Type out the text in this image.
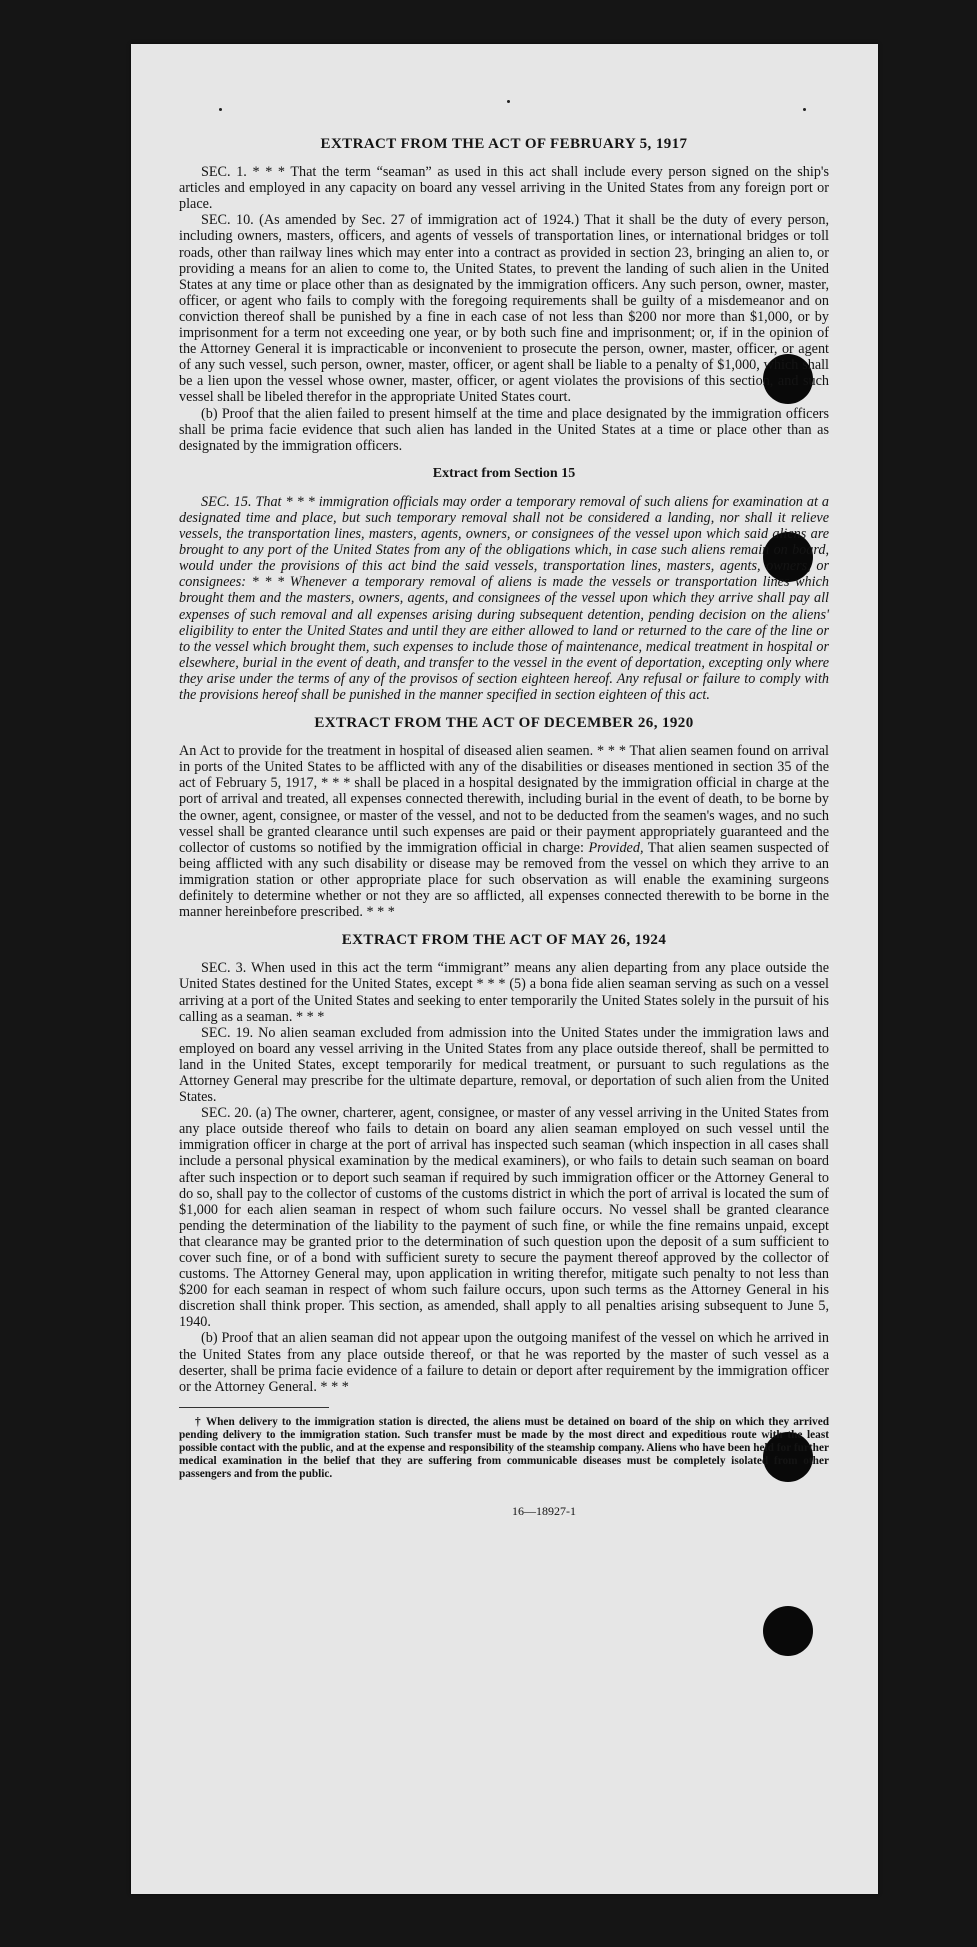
EXTRACT FROM THE ACT OF FEBRUARY 5, 1917

SEC. 1. * * * That the term “seaman” as used in this act shall include every person signed on the ship's articles and employed in any capacity on board any vessel arriving in the United States from any foreign port or place.

SEC. 10. (As amended by Sec. 27 of immigration act of 1924.) That it shall be the duty of every person, including owners, masters, officers, and agents of vessels of transportation lines, or international bridges or toll roads, other than railway lines which may enter into a contract as provided in section 23, bringing an alien to, or providing a means for an alien to come to, the United States, to prevent the landing of such alien in the United States at any time or place other than as designated by the immigration officers. Any such person, owner, master, officer, or agent who fails to comply with the foregoing requirements shall be guilty of a misdemeanor and on conviction thereof shall be punished by a fine in each case of not less than $200 nor more than $1,000, or by imprisonment for a term not exceeding one year, or by both such fine and imprisonment; or, if in the opinion of the Attorney General it is impracticable or inconvenient to prosecute the person, owner, master, officer, or agent of any such vessel, such person, owner, master, officer, or agent shall be liable to a penalty of $1,000, which shall be a lien upon the vessel whose owner, master, officer, or agent violates the provisions of this section, and such vessel shall be libeled therefor in the appropriate United States court.

(b) Proof that the alien failed to present himself at the time and place designated by the immigration officers shall be prima facie evidence that such alien has landed in the United States at a time or place other than as designated by the immigration officers.

Extract from Section 15

SEC. 15. That * * * immigration officials may order a temporary removal of such aliens for examination at a designated time and place, but such temporary removal shall not be considered a landing, nor shall it relieve vessels, the transportation lines, masters, agents, owners, or consignees of the vessel upon which said aliens are brought to any port of the United States from any of the obligations which, in case such aliens remain on board, would under the provisions of this act bind the said vessels, transportation lines, masters, agents, owners, or consignees: * * * Whenever a temporary removal of aliens is made the vessels or transportation lines which brought them and the masters, owners, agents, and consignees of the vessel upon which they arrive shall pay all expenses of such removal and all expenses arising during subsequent detention, pending decision on the aliens' eligibility to enter the United States and until they are either allowed to land or returned to the care of the line or to the vessel which brought them, such expenses to include those of maintenance, medical treatment in hospital or elsewhere, burial in the event of death, and transfer to the vessel in the event of deportation, excepting only where they arise under the terms of any of the provisos of section eighteen hereof. Any refusal or failure to comply with the provisions hereof shall be punished in the manner specified in section eighteen of this act.

EXTRACT FROM THE ACT OF DECEMBER 26, 1920

An Act to provide for the treatment in hospital of diseased alien seamen. * * * That alien seamen found on arrival in ports of the United States to be afflicted with any of the disabilities or diseases mentioned in section 35 of the act of February 5, 1917, * * * shall be placed in a hospital designated by the immigration official in charge at the port of arrival and treated, all expenses connected therewith, including burial in the event of death, to be borne by the owner, agent, consignee, or master of the vessel, and not to be deducted from the seamen's wages, and no such vessel shall be granted clearance until such expenses are paid or their payment appropriately guaranteed and the collector of customs so notified by the immigration official in charge: Provided, That alien seamen suspected of being afflicted with any such disability or disease may be removed from the vessel on which they arrive to an immigration station or other appropriate place for such observation as will enable the examining surgeons definitely to determine whether or not they are so afflicted, all expenses connected therewith to be borne in the manner hereinbefore prescribed. * * *

EXTRACT FROM THE ACT OF MAY 26, 1924

SEC. 3. When used in this act the term “immigrant” means any alien departing from any place outside the United States destined for the United States, except * * * (5) a bona fide alien seaman serving as such on a vessel arriving at a port of the United States and seeking to enter temporarily the United States solely in the pursuit of his calling as a seaman. * * *

SEC. 19. No alien seaman excluded from admission into the United States under the immigration laws and employed on board any vessel arriving in the United States from any place outside thereof, shall be permitted to land in the United States, except temporarily for medical treatment, or pursuant to such regulations as the Attorney General may prescribe for the ultimate departure, removal, or deportation of such alien from the United States.

SEC. 20. (a) The owner, charterer, agent, consignee, or master of any vessel arriving in the United States from any place outside thereof who fails to detain on board any alien seaman employed on such vessel until the immigration officer in charge at the port of arrival has inspected such seaman (which inspection in all cases shall include a personal physical examination by the medical examiners), or who fails to detain such seaman on board after such inspection or to deport such seaman if required by such immigration officer or the Attorney General to do so, shall pay to the collector of customs of the customs district in which the port of arrival is located the sum of $1,000 for each alien seaman in respect of whom such failure occurs. No vessel shall be granted clearance pending the determination of the liability to the payment of such fine, or while the fine remains unpaid, except that clearance may be granted prior to the determination of such question upon the deposit of a sum sufficient to cover such fine, or of a bond with sufficient surety to secure the payment thereof approved by the collector of customs. The Attorney General may, upon application in writing therefor, mitigate such penalty to not less than $200 for each seaman in respect of whom such failure occurs, upon such terms as the Attorney General in his discretion shall think proper. This section, as amended, shall apply to all penalties arising subsequent to June 5, 1940.

(b) Proof that an alien seaman did not appear upon the outgoing manifest of the vessel on which he arrived in the United States from any place outside thereof, or that he was reported by the master of such vessel as a deserter, shall be prima facie evidence of a failure to detain or deport after requirement by the immigration officer or the Attorney General. * * *

† When delivery to the immigration station is directed, the aliens must be detained on board of the ship on which they arrived pending delivery to the immigration station. Such transfer must be made by the most direct and expeditious route with the least possible contact with the public, and at the expense and responsibility of the steamship company. Aliens who have been held for further medical examination in the belief that they are suffering from communicable diseases must be completely isolated from other passengers and from the public.

16—18927-1
